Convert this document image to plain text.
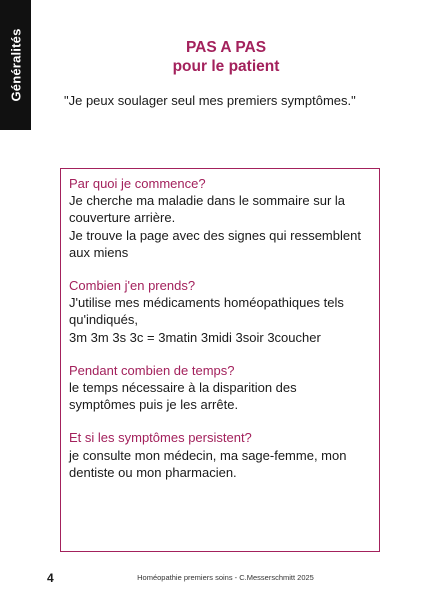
Généralités	PAS A PAS
pour le patient
"Je peux soulager seul mes premiers symptômes."
Par quoi je commence?
Je cherche ma maladie dans le sommaire sur la
couverture arrière.
Je trouve la page avec des signes qui ressemblent
aux miens
Combien j'en prends?
J'utilise mes médicaments homéopathiques tels
qu'indiqués,
3m 3m 3s 3c = 3matin 3midi 3soir 3coucher
Pendant combien de temps?
le temps nécessaire à la disparition des
symptômes puis je les arrête.
Et si les symptômes persistent?
je consulte mon médecin, ma sage-femme, mon
dentiste ou mon pharmacien.
4	Homéopathie premiers soins - C.Messerschmitt 2025
